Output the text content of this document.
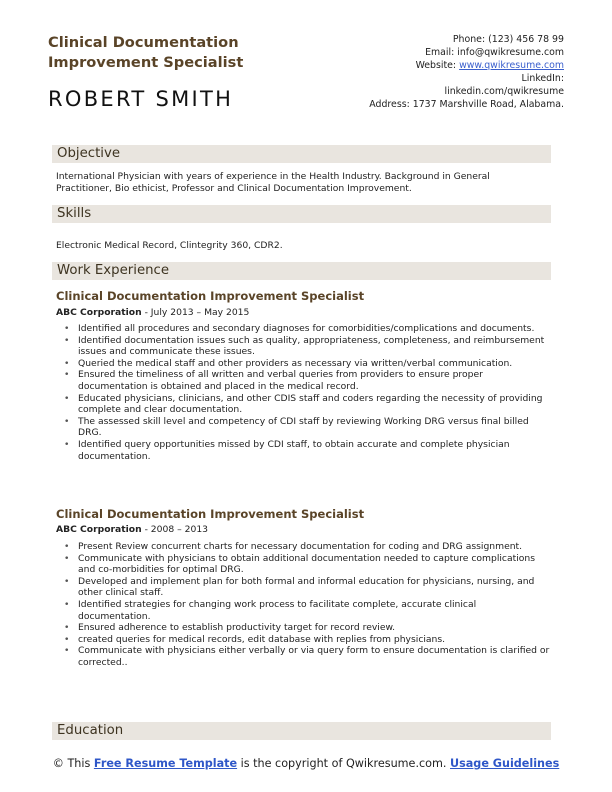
Clinical Documentation Improvement Specialist
ROBERT SMITH
Phone: (123) 456 78 99
Email: info@qwikresume.com
Website: www.qwikresume.com
LinkedIn:
linkedin.com/qwikresume
Address: 1737 Marshville Road, Alabama.
Objective
International Physician with years of experience in the Health Industry. Background in General Practitioner, Bio ethicist, Professor and Clinical Documentation Improvement.
Skills
Electronic Medical Record, Clintegrity 360, CDR2.
Work Experience
Clinical Documentation Improvement Specialist
ABC Corporation - July 2013 – May 2015
• Identified all procedures and secondary diagnoses for comorbidities/complications and documents.
• Identified documentation issues such as quality, appropriateness, completeness, and reimbursement issues and communicate these issues.
• Queried the medical staff and other providers as necessary via written/verbal communication.
• Ensured the timeliness of all written and verbal queries from providers to ensure proper documentation is obtained and placed in the medical record.
• Educated physicians, clinicians, and other CDIS staff and coders regarding the necessity of providing complete and clear documentation.
• The assessed skill level and competency of CDI staff by reviewing Working DRG versus final billed DRG.
• Identified query opportunities missed by CDI staff, to obtain accurate and complete physician documentation.
Clinical Documentation Improvement Specialist
ABC Corporation - 2008 – 2013
• Present Review concurrent charts for necessary documentation for coding and DRG assignment.
• Communicate with physicians to obtain additional documentation needed to capture complications and co-morbidities for optimal DRG.
• Developed and implement plan for both formal and informal education for physicians, nursing, and other clinical staff.
• Identified strategies for changing work process to facilitate complete, accurate clinical documentation.
• Ensured adherence to establish productivity target for record review.
• created queries for medical records, edit database with replies from physicians.
• Communicate with physicians either verbally or via query form to ensure documentation is clarified or corrected..
Education
© This Free Resume Template is the copyright of Qwikresume.com. Usage Guidelines
